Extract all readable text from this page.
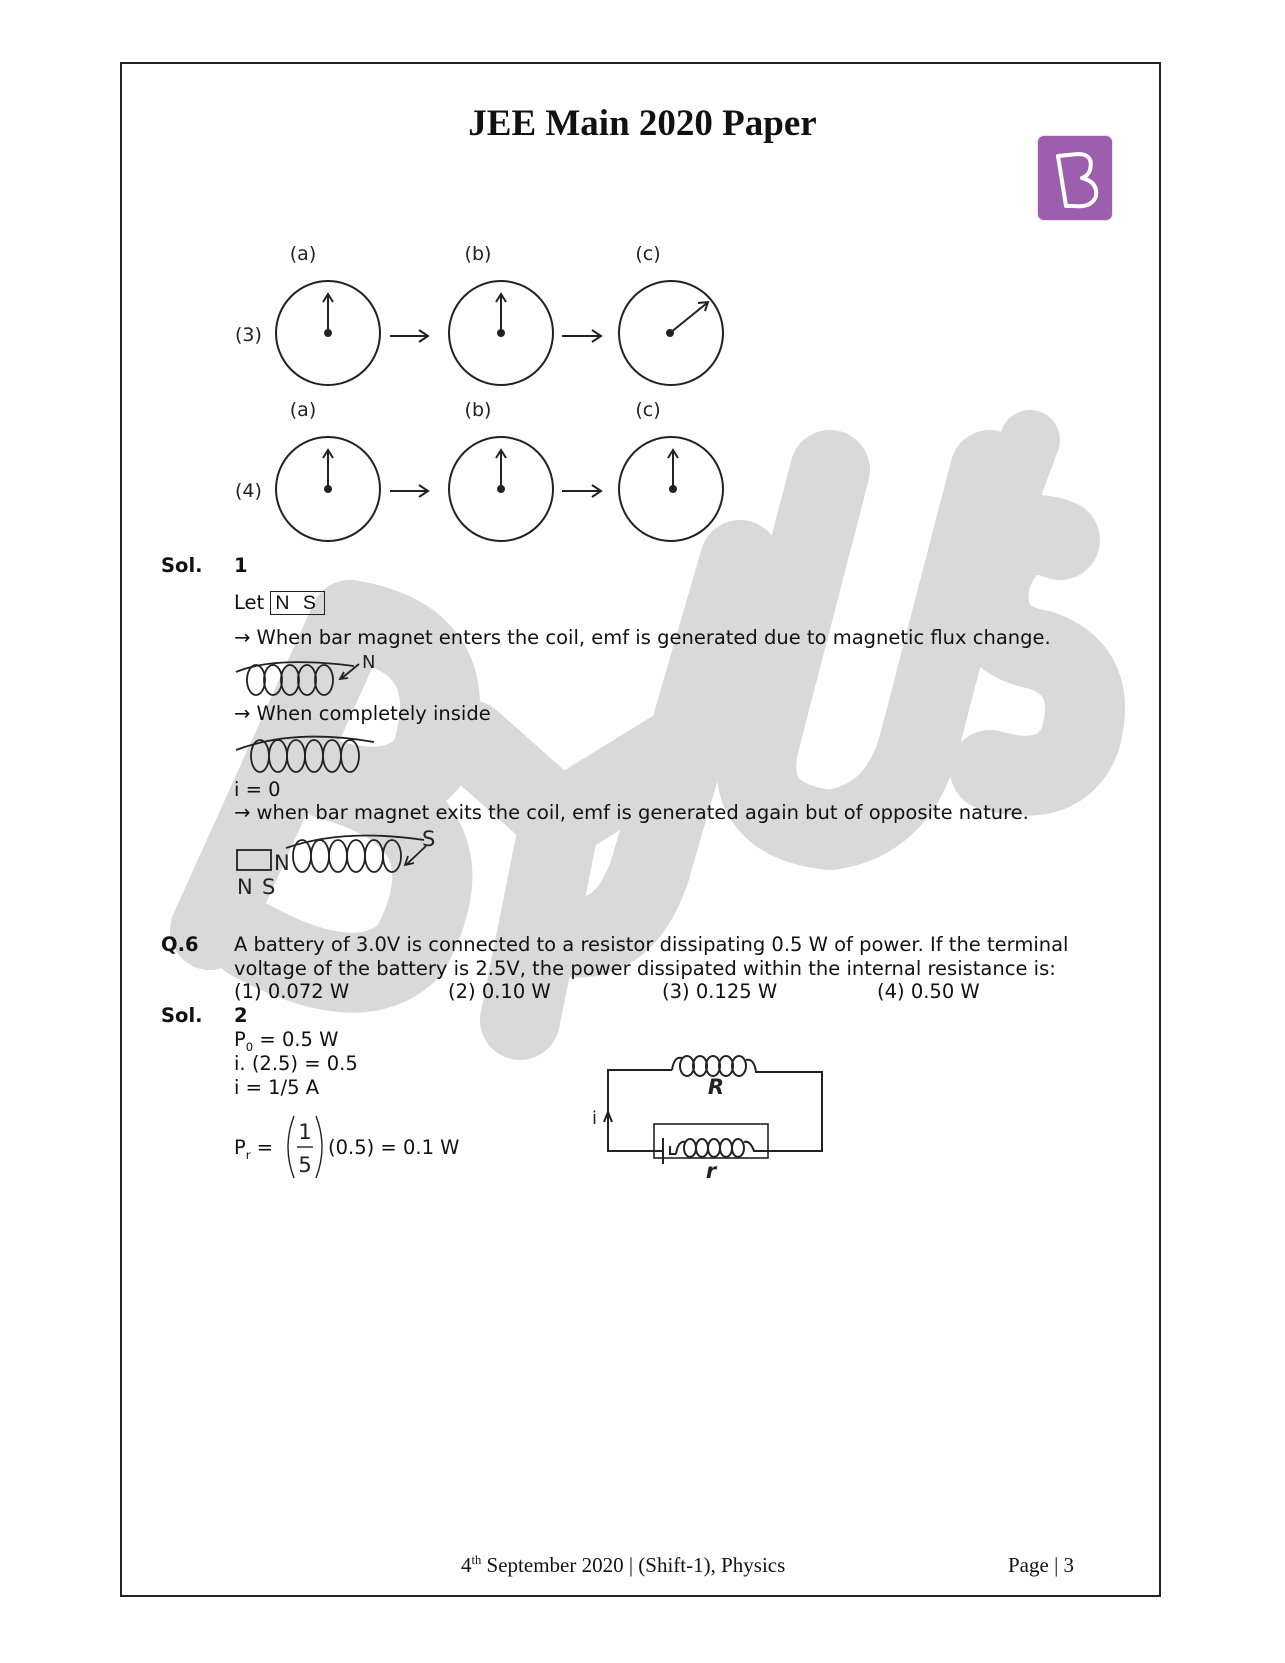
JEE Main 2020 Paper
(a)	(b)	(c)
(3)
(a)	(b)	(c)
(4)
Sol. 1
Let N S
→ When bar magnet enters the coil, emf is generated due to magnetic flux change.
N
→ When completely inside
i = 0
→ when bar magnet exits the coil, emf is generated again but of opposite nature.
N S
N
S
Q.6 A battery of 3.0V is connected to a resistor dissipating 0.5 W of power. If the terminal
voltage of the battery is 2.5V, the power dissipated within the internal resistance is:
(1) 0.072 W	(2) 0.10 W	(3) 0.125 W	(4) 0.50 W
Sol. 2
$P_0 = 0.5$ W
i. (2.5) = 0.5
i = 1/5 A
$P_r$ =
1
5
(0.5) = 0.1 W
i
R
r
4th September 2020 | (Shift-1), Physics	Page | 3
